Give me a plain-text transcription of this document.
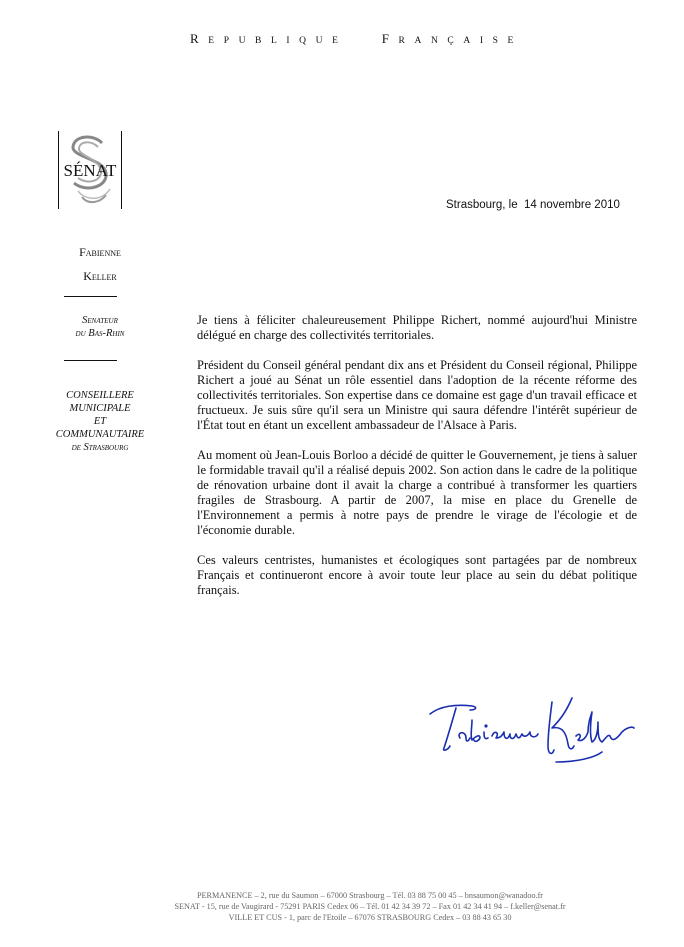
REPUBLIQUE 	FRANÇAISE
SÉNAT
Strasbourg, le  14 novembre 2010
Fabienne
Keller
Senateur
du Bas-Rhin
CONSEILLERE
MUNICIPALE
ET
COMMUNAUTAIRE
de Strasbourg

Je tiens à féliciter chaleureusement Philippe Richert, nommé aujourd'hui Ministre délégué en charge des collectivités territoriales.

Président du Conseil général pendant dix ans et Président du Conseil régional, Philippe Richert a joué au Sénat un rôle essentiel dans l'adoption de la récente réforme des collectivités territoriales. Son expertise dans ce domaine est gage d'un travail efficace et fructueux. Je suis sûre qu'il sera un Ministre qui saura défendre l'intérêt supérieur de l'État tout en étant un excellent ambassadeur de l'Alsace à Paris.

Au moment où Jean-Louis Borloo a décidé de quitter le Gouvernement, je tiens à saluer le formidable travail qu'il a réalisé depuis 2002. Son action dans le cadre de la politique de rénovation urbaine dont il avait la charge a contribué à transformer les quartiers fragiles de Strasbourg. A partir de 2007, la mise en place du Grenelle de l'Environnement a permis à notre pays de prendre le virage de l'écologie et de l'économie durable.

Ces valeurs centristes, humanistes et écologiques sont partagées par de nombreux Français et continueront encore à avoir toute leur place au sein du débat politique français.

PERMANENCE – 2, rue du Saumon – 67000 Strasbourg – Tél. 03 88 75 00 45 – bnsaumon@wanadoo.fr
SENAT - 15, rue de Vaugirard - 75291 PARIS Cedex 06 – Tél. 01 42 34 39 72 – Fax 01 42 34 41 94 – f.keller@senat.fr
VILLE ET CUS - 1, parc de l'Etoile – 67076 STRASBOURG Cedex – 03 88 43 65 30
